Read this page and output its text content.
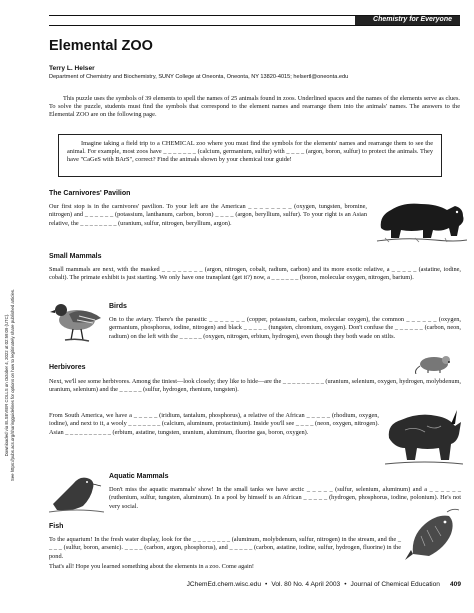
Downloaded via ELSEVIER COLLS on October 4, 2022 at 02:59:09 (UTC). See https://pubs.acs.org/sharingguidelines for options on how to legitimately share published articles.
Chemistry for Everyone
Elemental ZOO
Terry L. Helser
Department of Chemistry and Biochemistry, SUNY College at Oneonta, Oneonta, NY 13820-4015; helsertl@oneonta.edu
This puzzle uses the symbols of 39 elements to spell the names of 25 animals found in zoos. Underlined spaces and the names of the elements serve as clues. To solve the puzzle, students must find the symbols that correspond to the element names and rearrange them into the animals' names. The answers to the Elemental ZOO are on the following page.
Imagine taking a field trip to a CHEMICAL zoo where you must find the symbols for the elements' names and rearrange them to see the animal. For example, most zoos have _ _ _ _ _ _ _ (calcium, germanium, sulfur) with _ _ _ _ (argon, boron, sulfur) to protect the animals. They have "CaGeS with BArS", correct? Find the animals shown by your chemical tour guide!
The Carnivores' Pavilion
Our first stop is in the carnivores' pavilion. To your left are the American _ _ _ _ _ _ _ _ (oxygen, tungsten, bromine, nitrogen) and _ _ _ _ _ _ (potassium, lanthanum, carbon, boron) _ _ _ _ (argon, beryllium, sulfur). To your right is an Asian relative, the _ _ _ _ _ _ _ _ (uranium, sulfur, nitrogen, beryllium, argon).
Small Mammals
Small mammals are next, with the masked _ _ _ _ _ _ _ _ (argon, nitrogen, cobalt, radium, carbon) and its more exotic relative, a _ _ _ _ _ (astatine, iodine, cobalt). The primate exhibit is just starting. We only have one transplant (get it?) now, a _ _ _ _ _ _ (boron, molecular oxygen, nitrogen, barium).
Birds
On to the aviary. There's the parasitic _ _ _ _ _ _ _ (copper, potassium, carbon, molecular oxygen), the common _ _ _ _ _ _ (oxygen, germanium, phosphorus, iodine, nitrogen) and black _ _ _ _ _ (tungsten, chromium, oxygen). Don't confuse the _ _ _ _ _ _ (carbon, neon, radium) on the left with the _ _ _ _ _ (oxygen, nitrogen, erbium, hydrogen), even though they both wade on stilts.
Herbivores
Next, we'll see some herbivores. Among the tiniest—look closely; they like to hide—are the _ _ _ _ _ _ _ _ _ (uranium, selenium, oxygen, hydrogen, molybdenum, uranium, selenium) and the _ _ _ _ _ (sulfur, hydrogen, rhenium, tungsten).
From South America, we have a _ _ _ _ _ (iridium, tantalum, phosphorus), a relative of the African _ _ _ _ _ (rhodium, oxygen, iodine), and next to it, a wooly _ _ _ _ _ _ _ (calcium, aluminum, protactinium). Inside you'll see _ _ _ _ (neon, oxygen, nitrogen). Asian _ _ _ _ _ _ _ _ _ _ (erbium, astatine, tungsten, uranium, aluminum, fluorine gas, boron, oxygen).
Aquatic Mammals
Don't miss the aquatic mammals' show! In the small tanks we have arctic _ _ _ _ _ (sulfur, selenium, aluminum) and a _ _ _ _ _ _ (ruthenium, sulfur, tungsten, aluminum). In a pool by himself is an African _ _ _ _ _ (hydrogen, phosphorus, iodine, polonium). He's not very social.
Fish
To the aquarium! In the fresh water display, look for the _ _ _ _ _ _ _ _ (aluminum, molybdenum, sulfur, nitrogen) in the stream, and the _ _ _ _ (sulfur, boron, arsenic). _ _ _ _ (carbon, argon, phosphorus), and _ _ _ _ _ (carbon, astatine, iodine, sulfur, hydrogen, fluorine) in the pond.
That's all! Hope you learned something about the elements in a zoo. Come again!
JChemEd.chem.wisc.edu • Vol. 80 No. 4 April 2003 • Journal of Chemical Education 409
